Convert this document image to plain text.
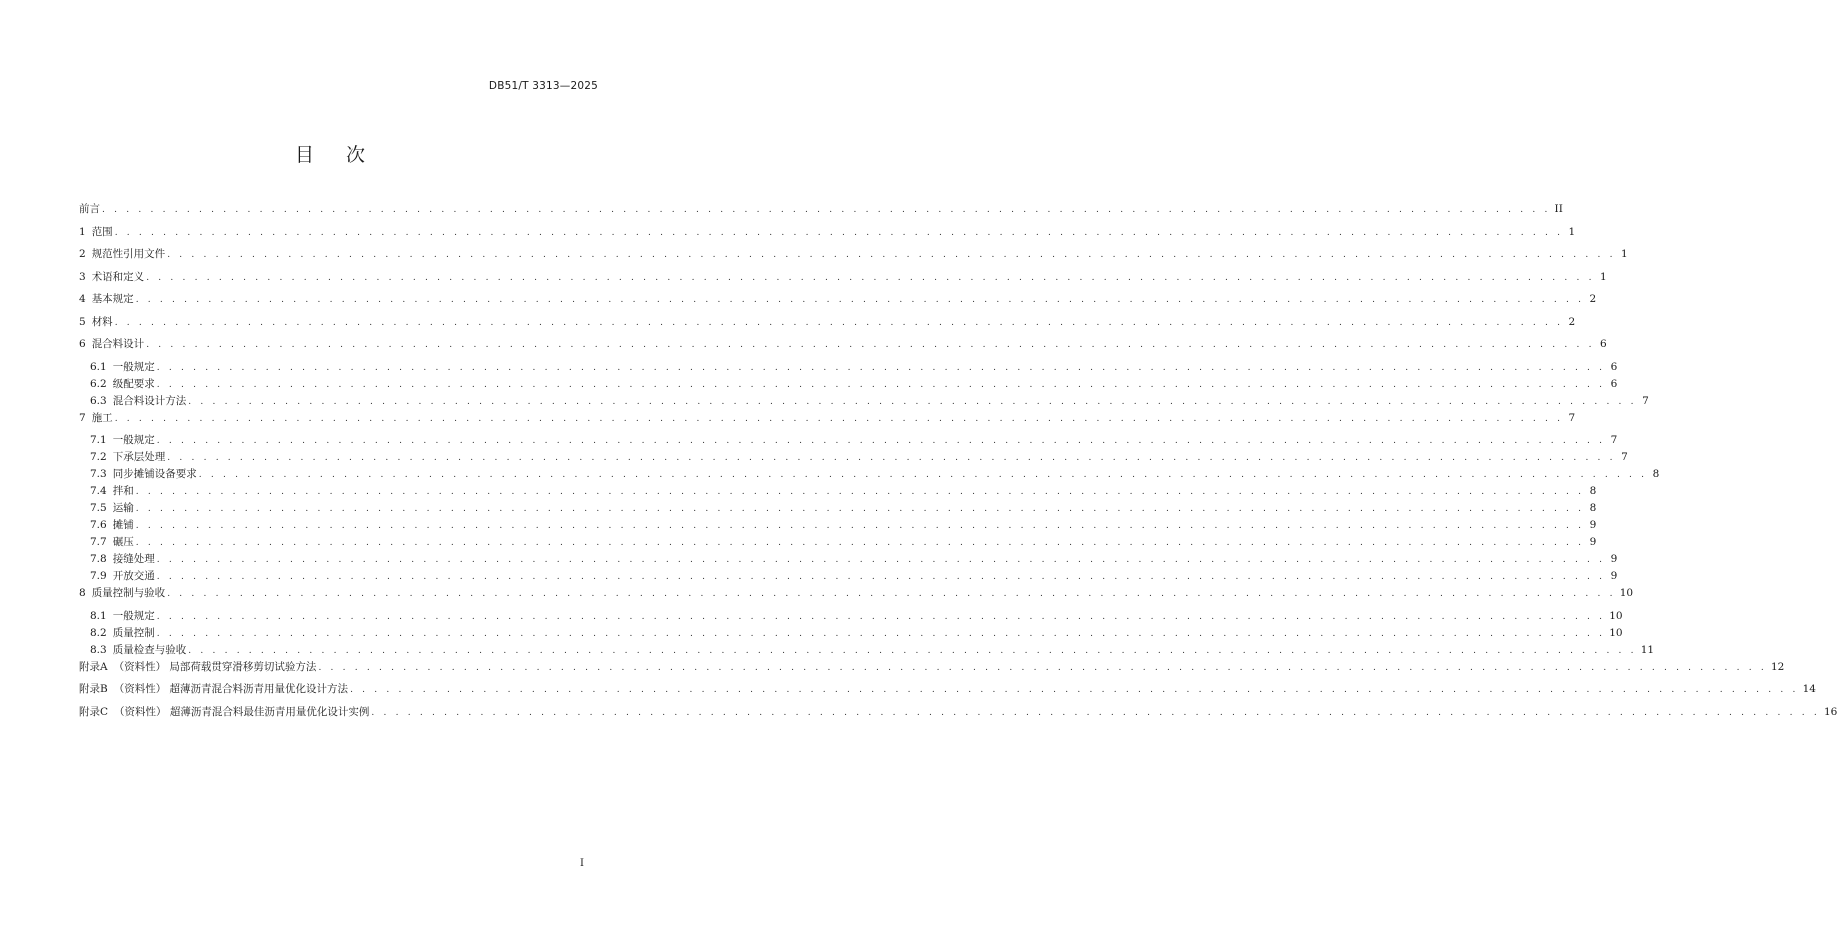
DB51/T 3313—2025
目 次
前言 . . . . . . . . . . . . . . . . . . . . . . . . . . . . . . . . . . . . . . . . . . . . . . . . . . . . . . . . . . . . . . . . . . . . . . . . . . . . . . . . . . . . . . . . . . . . . . . . . . . . . . . . . . . . . . . . . . . . . . . . II
1 范围 . . . . . . . . . . . . . . . . . . . . . . . . . . . . . . . . . . . . . . . . . . . . . . . . . . . . . . . . . . . . . . . . . . . . . . . . . . . . . . . . . . . . . . . . . . . . . . . . . . . . . . . . . . . . . . . . . . . . . . . . 1
2 规范性引用文件 . . . . . . . . . . . . . . . . . . . . . . . . . . . . . . . . . . . . . . . . . . . . . . . . . . . . . . . . . . . . . . . . . . . . . . . . . . . . . . . . . . . . . . . . . . . . . . . . . . . . . . . . . . . . . . . . . . . . . . . . 1
3 术语和定义 . . . . . . . . . . . . . . . . . . . . . . . . . . . . . . . . . . . . . . . . . . . . . . . . . . . . . . . . . . . . . . . . . . . . . . . . . . . . . . . . . . . . . . . . . . . . . . . . . . . . . . . . . . . . . . . . . . . . . . . . 1
4 基本规定 . . . . . . . . . . . . . . . . . . . . . . . . . . . . . . . . . . . . . . . . . . . . . . . . . . . . . . . . . . . . . . . . . . . . . . . . . . . . . . . . . . . . . . . . . . . . . . . . . . . . . . . . . . . . . . . . . . . . . . . . 2
5 材料 . . . . . . . . . . . . . . . . . . . . . . . . . . . . . . . . . . . . . . . . . . . . . . . . . . . . . . . . . . . . . . . . . . . . . . . . . . . . . . . . . . . . . . . . . . . . . . . . . . . . . . . . . . . . . . . . . . . . . . . . 2
6 混合料设计 . . . . . . . . . . . . . . . . . . . . . . . . . . . . . . . . . . . . . . . . . . . . . . . . . . . . . . . . . . . . . . . . . . . . . . . . . . . . . . . . . . . . . . . . . . . . . . . . . . . . . . . . . . . . . . . . . . . . . . . . 6
6.1 一般规定 . . . . . . . . . . . . . . . . . . . . . . . . . . . . . . . . . . . . . . . . . . . . . . . . . . . . . . . . . . . . . . . . . . . . . . . . . . . . . . . . . . . . . . . . . . . . . . . . . . . . . . . . . . . . . . . . . . . . . . . . 6
6.2 级配要求 . . . . . . . . . . . . . . . . . . . . . . . . . . . . . . . . . . . . . . . . . . . . . . . . . . . . . . . . . . . . . . . . . . . . . . . . . . . . . . . . . . . . . . . . . . . . . . . . . . . . . . . . . . . . . . . . . . . . . . . . 6
6.3 混合料设计方法 . . . . . . . . . . . . . . . . . . . . . . . . . . . . . . . . . . . . . . . . . . . . . . . . . . . . . . . . . . . . . . . . . . . . . . . . . . . . . . . . . . . . . . . . . . . . . . . . . . . . . . . . . . . . . . . . . . . . . . . . 7
7 施工 . . . . . . . . . . . . . . . . . . . . . . . . . . . . . . . . . . . . . . . . . . . . . . . . . . . . . . . . . . . . . . . . . . . . . . . . . . . . . . . . . . . . . . . . . . . . . . . . . . . . . . . . . . . . . . . . . . . . . . . . 7
7.1 一般规定 . . . . . . . . . . . . . . . . . . . . . . . . . . . . . . . . . . . . . . . . . . . . . . . . . . . . . . . . . . . . . . . . . . . . . . . . . . . . . . . . . . . . . . . . . . . . . . . . . . . . . . . . . . . . . . . . . . . . . . . . 7
7.2 下承层处理 . . . . . . . . . . . . . . . . . . . . . . . . . . . . . . . . . . . . . . . . . . . . . . . . . . . . . . . . . . . . . . . . . . . . . . . . . . . . . . . . . . . . . . . . . . . . . . . . . . . . . . . . . . . . . . . . . . . . . . . . 7
7.3 同步摊铺设备要求 . . . . . . . . . . . . . . . . . . . . . . . . . . . . . . . . . . . . . . . . . . . . . . . . . . . . . . . . . . . . . . . . . . . . . . . . . . . . . . . . . . . . . . . . . . . . . . . . . . . . . . . . . . . . . . . . . . . . . . . . 8
7.4 拌和 . . . . . . . . . . . . . . . . . . . . . . . . . . . . . . . . . . . . . . . . . . . . . . . . . . . . . . . . . . . . . . . . . . . . . . . . . . . . . . . . . . . . . . . . . . . . . . . . . . . . . . . . . . . . . . . . . . . . . . . . 8
7.5 运输 . . . . . . . . . . . . . . . . . . . . . . . . . . . . . . . . . . . . . . . . . . . . . . . . . . . . . . . . . . . . . . . . . . . . . . . . . . . . . . . . . . . . . . . . . . . . . . . . . . . . . . . . . . . . . . . . . . . . . . . . 8
7.6 摊铺 . . . . . . . . . . . . . . . . . . . . . . . . . . . . . . . . . . . . . . . . . . . . . . . . . . . . . . . . . . . . . . . . . . . . . . . . . . . . . . . . . . . . . . . . . . . . . . . . . . . . . . . . . . . . . . . . . . . . . . . . 9
7.7 碾压 . . . . . . . . . . . . . . . . . . . . . . . . . . . . . . . . . . . . . . . . . . . . . . . . . . . . . . . . . . . . . . . . . . . . . . . . . . . . . . . . . . . . . . . . . . . . . . . . . . . . . . . . . . . . . . . . . . . . . . . . 9
7.8 接缝处理 . . . . . . . . . . . . . . . . . . . . . . . . . . . . . . . . . . . . . . . . . . . . . . . . . . . . . . . . . . . . . . . . . . . . . . . . . . . . . . . . . . . . . . . . . . . . . . . . . . . . . . . . . . . . . . . . . . . . . . . . 9
7.9 开放交通 . . . . . . . . . . . . . . . . . . . . . . . . . . . . . . . . . . . . . . . . . . . . . . . . . . . . . . . . . . . . . . . . . . . . . . . . . . . . . . . . . . . . . . . . . . . . . . . . . . . . . . . . . . . . . . . . . . . . . . . . 9
8 质量控制与验收 . . . . . . . . . . . . . . . . . . . . . . . . . . . . . . . . . . . . . . . . . . . . . . . . . . . . . . . . . . . . . . . . . . . . . . . . . . . . . . . . . . . . . . . . . . . . . . . . . . . . . . . . . . . . . . . . . . . . . . . . 10
8.1 一般规定 . . . . . . . . . . . . . . . . . . . . . . . . . . . . . . . . . . . . . . . . . . . . . . . . . . . . . . . . . . . . . . . . . . . . . . . . . . . . . . . . . . . . . . . . . . . . . . . . . . . . . . . . . . . . . . . . . . . . . . . . 10
8.2 质量控制 . . . . . . . . . . . . . . . . . . . . . . . . . . . . . . . . . . . . . . . . . . . . . . . . . . . . . . . . . . . . . . . . . . . . . . . . . . . . . . . . . . . . . . . . . . . . . . . . . . . . . . . . . . . . . . . . . . . . . . . . 10
8.3 质量检查与验收 . . . . . . . . . . . . . . . . . . . . . . . . . . . . . . . . . . . . . . . . . . . . . . . . . . . . . . . . . . . . . . . . . . . . . . . . . . . . . . . . . . . . . . . . . . . . . . . . . . . . . . . . . . . . . . . . . . . . . . . . 11
附录A （资料性） 局部荷载贯穿滑移剪切试验方法 . . . . . . . . . . . . . . . . . . . . . . . . . . . . . . . . . . . . . . . . . . . . . . . . . . . . . . . . . . . . . . . . . . . . . . . . . . . . . . . . . . . . . . . . . . . . . . . . . . . . . . . . . . . . . . . . . . . . . . . . 12
附录B （资料性） 超薄沥青混合料沥青用量优化设计方法 . . . . . . . . . . . . . . . . . . . . . . . . . . . . . . . . . . . . . . . . . . . . . . . . . . . . . . . . . . . . . . . . . . . . . . . . . . . . . . . . . . . . . . . . . . . . . . . . . . . . . . . . . . . . . . . . . . . . . . . . 14
附录C （资料性） 超薄沥青混合料最佳沥青用量优化设计实例 . . . . . . . . . . . . . . . . . . . . . . . . . . . . . . . . . . . . . . . . . . . . . . . . . . . . . . . . . . . . . . . . . . . . . . . . . . . . . . . . . . . . . . . . . . . . . . . . . . . . . . . . . . . . . . . . . . . . . . . . 16
I
